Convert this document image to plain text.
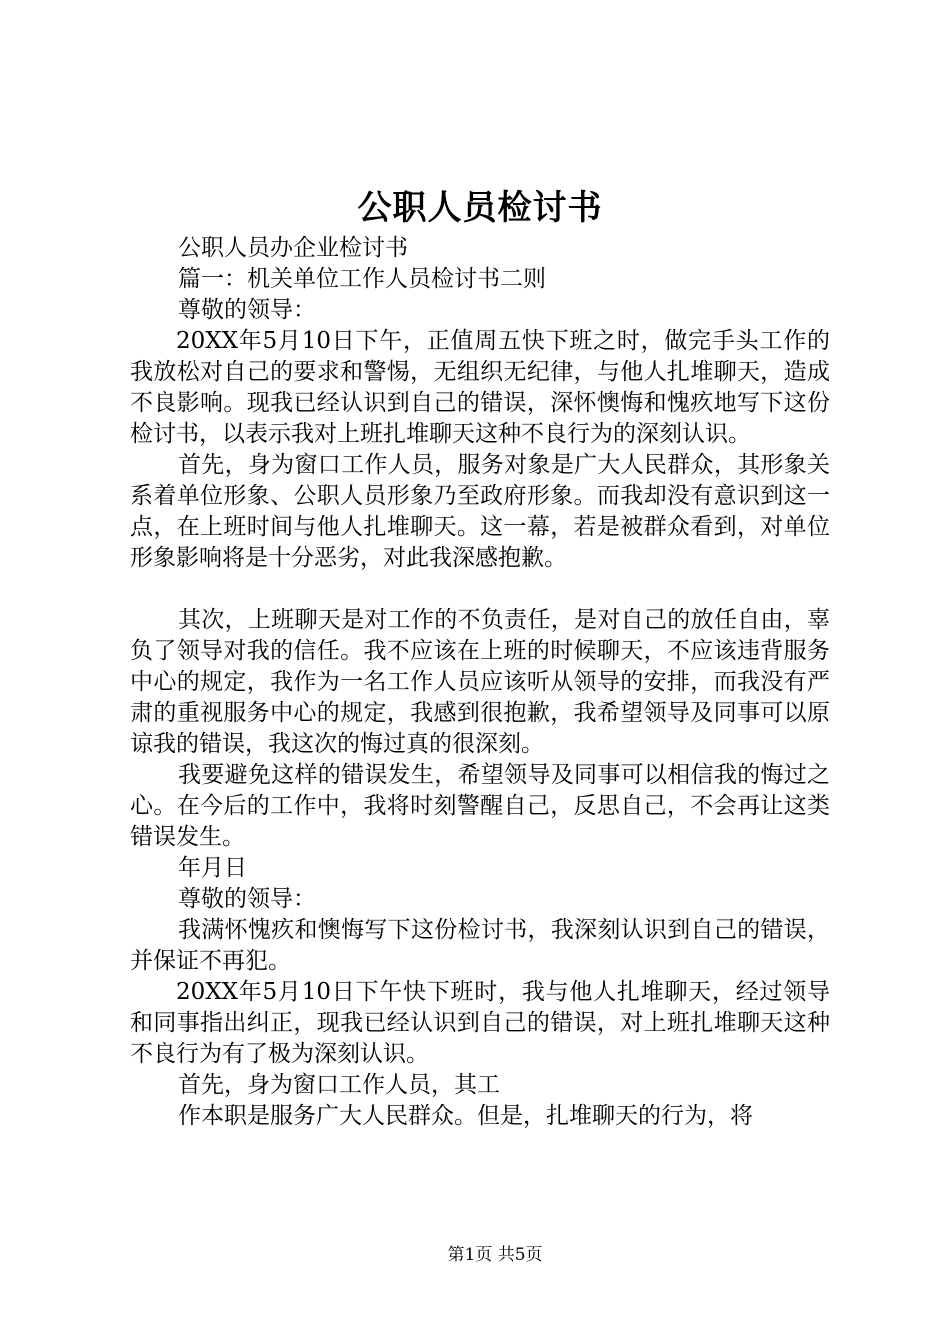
公职人员检讨书

公职人员办企业检讨书

篇一：机关单位工作人员检讨书二则

尊敬的领导：

20XX年5月10日下午，正值周五快下班之时，做完手头工作的我放松对自己的要求和警惕，无组织无纪律，与他人扎堆聊天，造成不良影响。现我已经认识到自己的错误，深怀懊悔和愧疚地写下这份检讨书，以表示我对上班扎堆聊天这种不良行为的深刻认识。

首先，身为窗口工作人员，服务对象是广大人民群众，其形象关系着单位形象、公职人员形象乃至政府形象。而我却没有意识到这一点，在上班时间与他人扎堆聊天。这一幕，若是被群众看到，对单位形象影响将是十分恶劣，对此我深感抱歉。

其次，上班聊天是对工作的不负责任，是对自己的放任自由，辜负了领导对我的信任。我不应该在上班的时候聊天，不应该违背服务中心的规定，我作为一名工作人员应该听从领导的安排，而我没有严肃的重视服务中心的规定，我感到很抱歉，我希望领导及同事可以原谅我的错误，我这次的悔过真的很深刻。

我要避免这样的错误发生，希望领导及同事可以相信我的悔过之心。在今后的工作中，我将时刻警醒自己，反思自己，不会再让这类错误发生。

年月日

尊敬的领导：

我满怀愧疚和懊悔写下这份检讨书，我深刻认识到自己的错误，并保证不再犯。

20XX年5月10日下午快下班时，我与他人扎堆聊天，经过领导和同事指出纠正，现我已经认识到自己的错误，对上班扎堆聊天这种不良行为有了极为深刻认识。

首先，身为窗口工作人员，其工

作本职是服务广大人民群众。但是，扎堆聊天的行为，将

第1页 共5页
